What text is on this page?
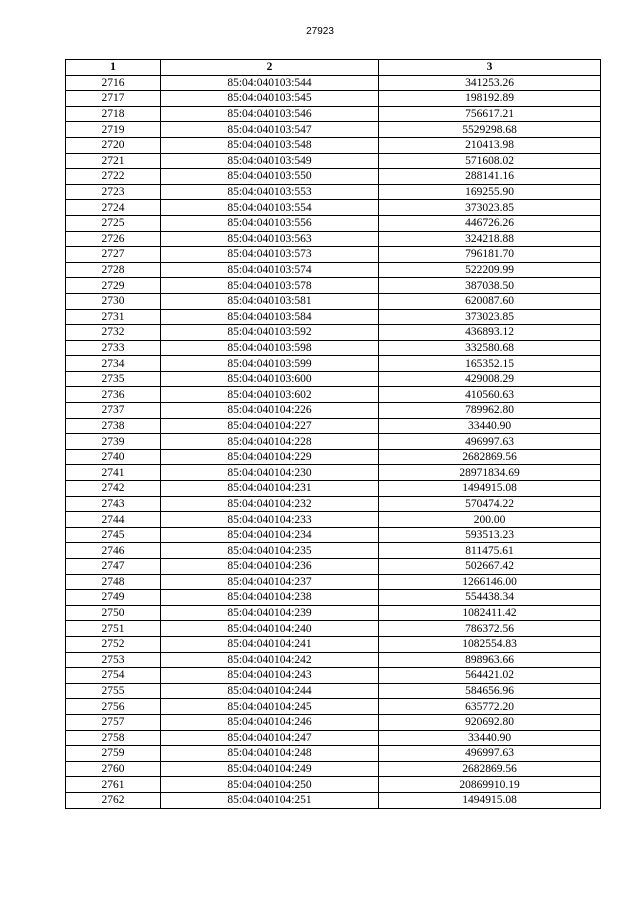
27923
1	2	3
2716	85:04:040103:544	341253.26
2717	85:04:040103:545	198192.89
2718	85:04:040103:546	756617.21
2719	85:04:040103:547	5529298.68
2720	85:04:040103:548	210413.98
2721	85:04:040103:549	571608.02
2722	85:04:040103:550	288141.16
2723	85:04:040103:553	169255.90
2724	85:04:040103:554	373023.85
2725	85:04:040103:556	446726.26
2726	85:04:040103:563	324218.88
2727	85:04:040103:573	796181.70
2728	85:04:040103:574	522209.99
2729	85:04:040103:578	387038.50
2730	85:04:040103:581	620087.60
2731	85:04:040103:584	373023.85
2732	85:04:040103:592	436893.12
2733	85:04:040103:598	332580.68
2734	85:04:040103:599	165352.15
2735	85:04:040103:600	429008.29
2736	85:04:040103:602	410560.63
2737	85:04:040104:226	789962.80
2738	85:04:040104:227	33440.90
2739	85:04:040104:228	496997.63
2740	85:04:040104:229	2682869.56
2741	85:04:040104:230	28971834.69
2742	85:04:040104:231	1494915.08
2743	85:04:040104:232	570474.22
2744	85:04:040104:233	200.00
2745	85:04:040104:234	593513.23
2746	85:04:040104:235	811475.61
2747	85:04:040104:236	502667.42
2748	85:04:040104:237	1266146.00
2749	85:04:040104:238	554438.34
2750	85:04:040104:239	1082411.42
2751	85:04:040104:240	786372.56
2752	85:04:040104:241	1082554.83
2753	85:04:040104:242	898963.66
2754	85:04:040104:243	564421.02
2755	85:04:040104:244	584656.96
2756	85:04:040104:245	635772.20
2757	85:04:040104:246	920692.80
2758	85:04:040104:247	33440.90
2759	85:04:040104:248	496997.63
2760	85:04:040104:249	2682869.56
2761	85:04:040104:250	20869910.19
2762	85:04:040104:251	1494915.08
